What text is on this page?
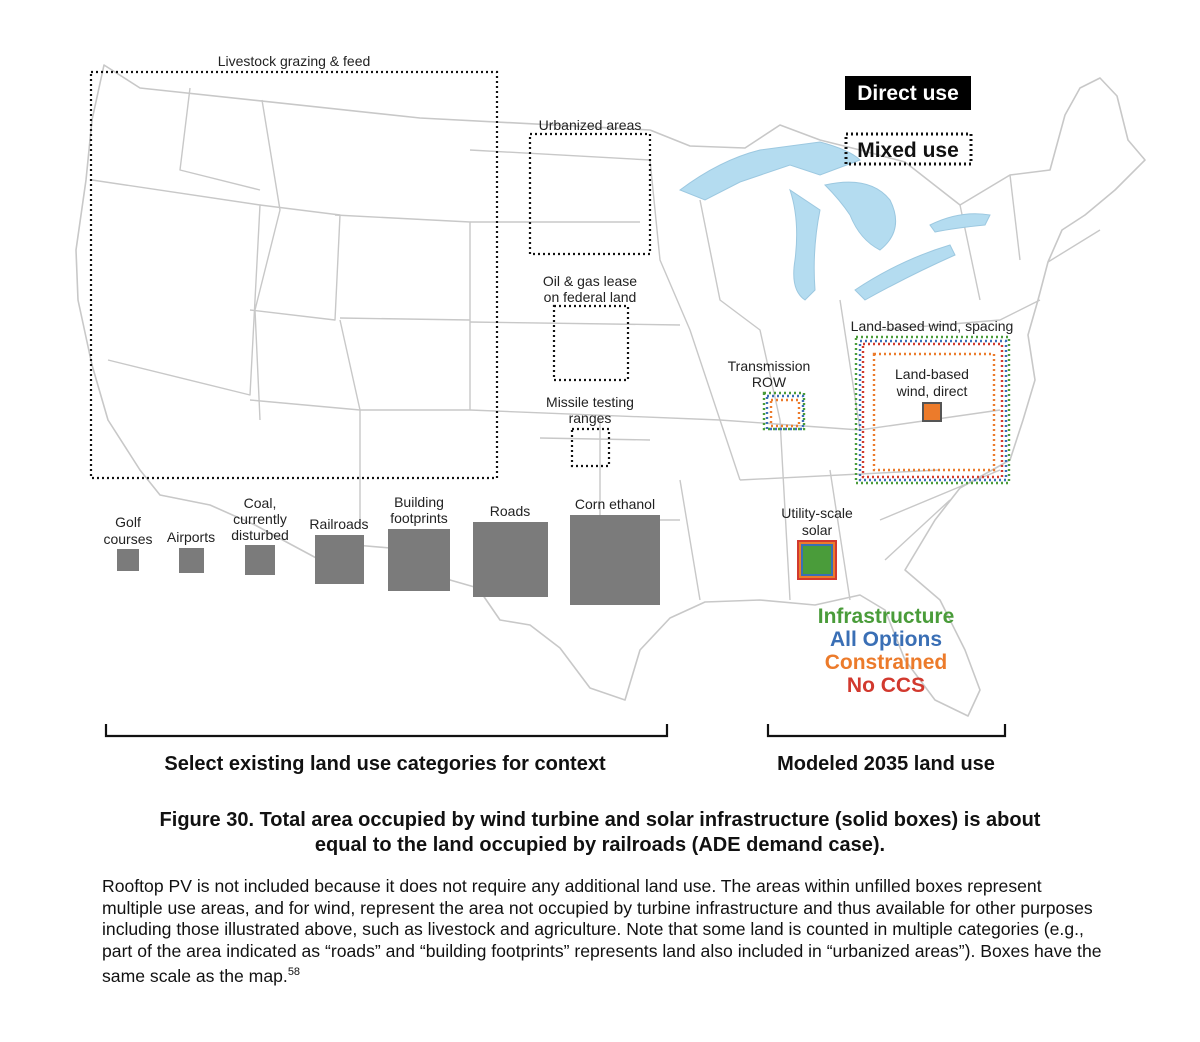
Direct use
Mixed use
Livestock grazing & feed
Urbanized areas
Oil & gas lease
on federal land
Missile testing
ranges
Golf
courses Airports
Coal,
currently
disturbed
Railroads
Building
footprints	Roads	Corn ethanol
Transmission
ROW
Land-based wind, spacing
Land-based
wind, direct
Utility-scale
solar
Infrastructure
All Options
Constrained
No CCS
Select existing land use categories for context	Modeled 2035 land use
Figure 30. Total area occupied by wind turbine and solar infrastructure (solid boxes) is about
equal to the land occupied by railroads (ADE demand case).
Rooftop PV is not included because it does not require any additional land use. The areas within unfilled boxes represent multiple use areas, and for wind, represent the area not occupied by turbine infrastructure and thus available for other purposes including those illustrated above, such as livestock and agriculture. Note that some land is counted in multiple categories (e.g., part of the area indicated as “roads” and “building footprints” represents land also included in “urbanized areas”). Boxes have the same scale as the map.$^{58}$
